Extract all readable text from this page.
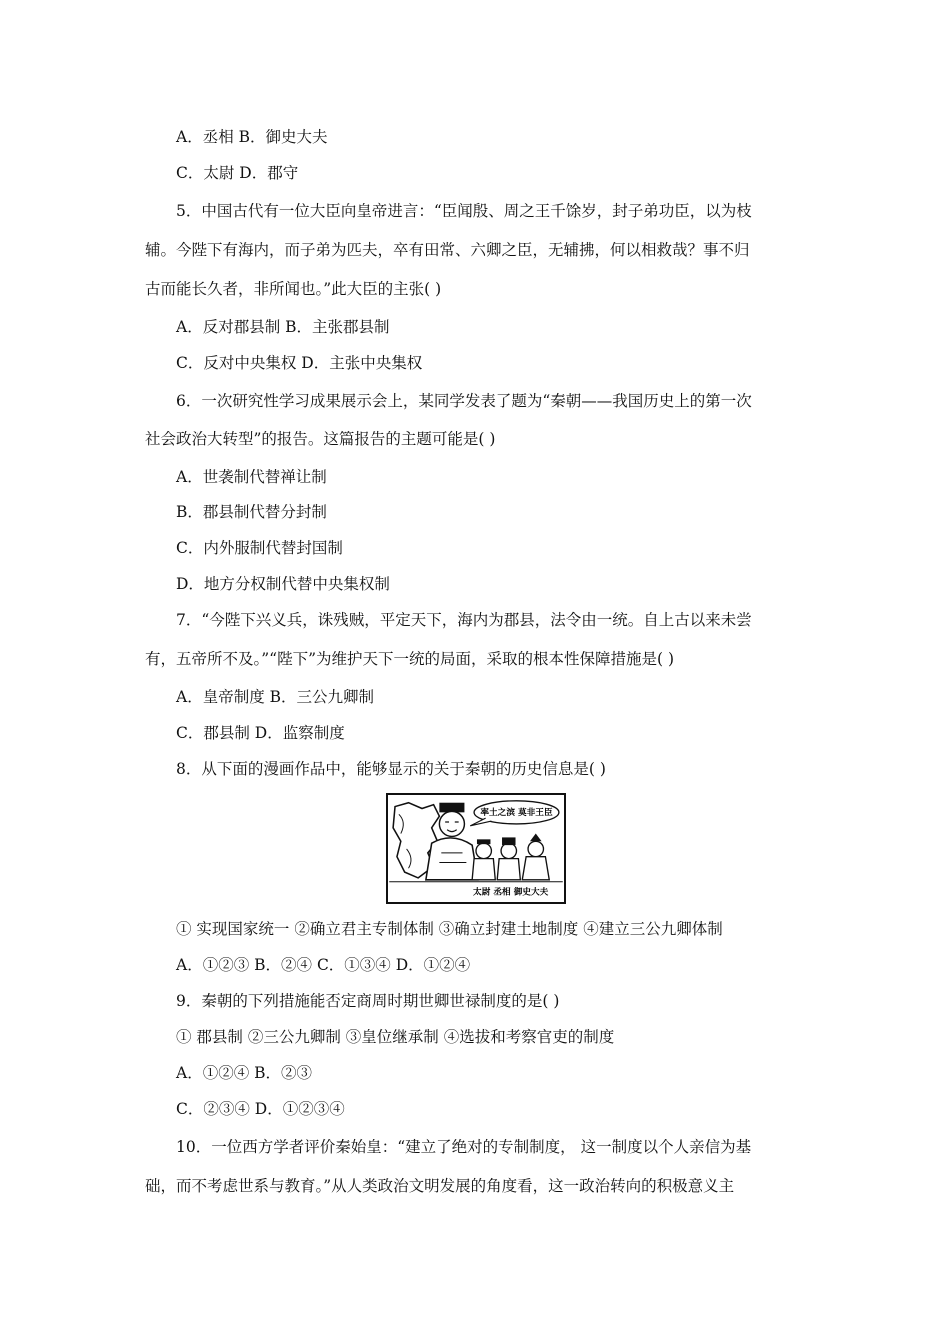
A．丞相 B．御史大夫
C．太尉 D．郡守
5．中国古代有一位大臣向皇帝进言：“臣闻殷、周之王千馀岁，封子弟功臣，以为枝
辅。今陛下有海内，而子弟为匹夫，卒有田常、六卿之臣，无辅拂，何以相救哉？事不归
古而能长久者，非所闻也。”此大臣的主张( )
A．反对郡县制 B．主张郡县制
C．反对中央集权 D．主张中央集权
6．一次研究性学习成果展示会上，某同学发表了题为“秦朝——我国历史上的第一次
社会政治大转型”的报告。这篇报告的主题可能是( )
A．世袭制代替禅让制
B．郡县制代替分封制
C．内外服制代替封国制
D．地方分权制代替中央集权制
7．“今陛下兴义兵，诛残贼，平定天下，海内为郡县，法令由一统。自上古以来未尝
有，五帝所不及。”“陛下”为维护天下一统的局面，采取的根本性保障措施是( )
A．皇帝制度 B．三公九卿制
C．郡县制 D．监察制度
8．从下面的漫画作品中，能够显示的关于秦朝的历史信息是( )
率土之滨 莫非王臣
太尉 丞相 御史大夫
① 实现国家统一 ②确立君主专制体制 ③确立封建土地制度 ④建立三公九卿体制
A．①②③ B．②④ C．①③④ D．①②④
9．秦朝的下列措施能否定商周时期世卿世禄制度的是( )
① 郡县制 ②三公九卿制 ③皇位继承制 ④选拔和考察官吏的制度
A．①②④ B．②③
C．②③④ D．①②③④
10．一位西方学者评价秦始皇：“建立了绝对的专制制度， 这一制度以个人亲信为基
础，而不考虑世系与教育。”从人类政治文明发展的角度看，这一政治转向的积极意义主
